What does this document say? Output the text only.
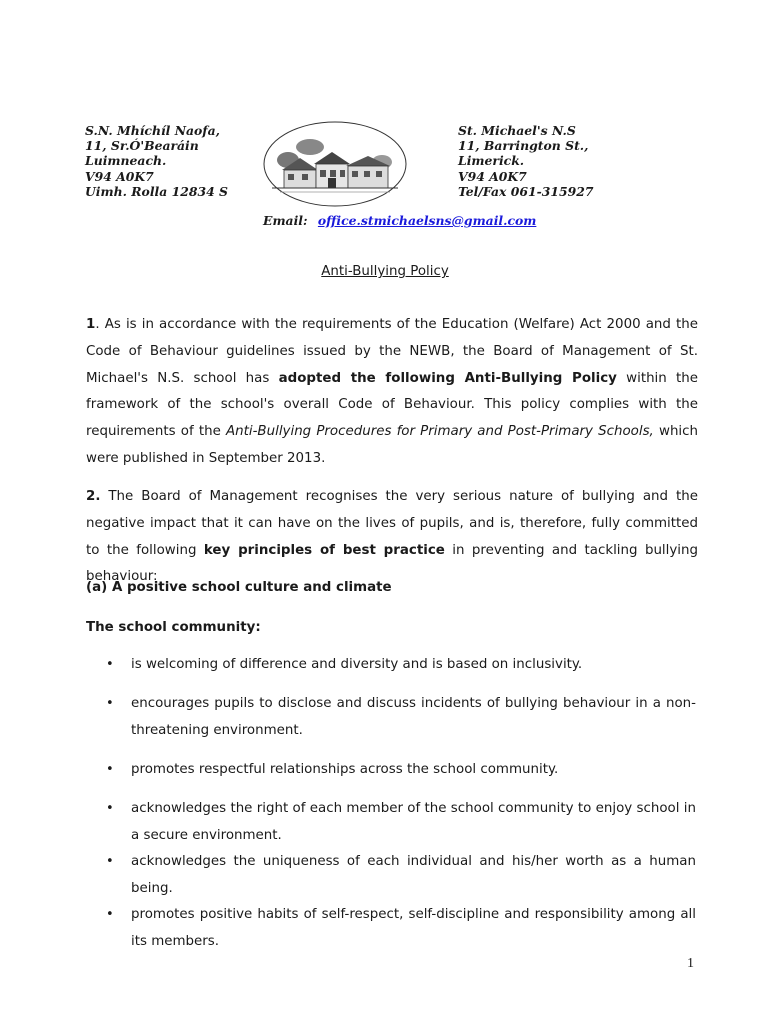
S.N. Mhíchíl Naofa,
11, Sr.Ó'Bearáin
Luimneach.
V94 A0K7
Uimh. Rolla 12834 S
St. Michael's N.S
11, Barrington St.,
Limerick.
V94 A0K7
Tel/Fax 061-315927
Email: office.stmichaelsns@gmail.com
Anti-Bullying Policy
1. As is in accordance with the requirements of the Education (Welfare) Act 2000 and the Code of Behaviour guidelines issued by the NEWB, the Board of Management of St. Michael's N.S. school has adopted the following Anti-Bullying Policy within the framework of the school's overall Code of Behaviour. This policy complies with the requirements of the Anti-Bullying Procedures for Primary and Post-Primary Schools, which were published in September 2013.
2. The Board of Management recognises the very serious nature of bullying and the negative impact that it can have on the lives of pupils, and is, therefore, fully committed to the following key principles of best practice in preventing and tackling bullying behaviour:
(a) A positive school culture and climate
The school community:
• is welcoming of difference and diversity and is based on inclusivity.
• encourages pupils to disclose and discuss incidents of bullying behaviour in a non-threatening environment.
• promotes respectful relationships across the school community.
• acknowledges the right of each member of the school community to enjoy school in a secure environment.
• acknowledges the uniqueness of each individual and his/her worth as a human being.
• promotes positive habits of self-respect, self-discipline and responsibility among all its members.
1
